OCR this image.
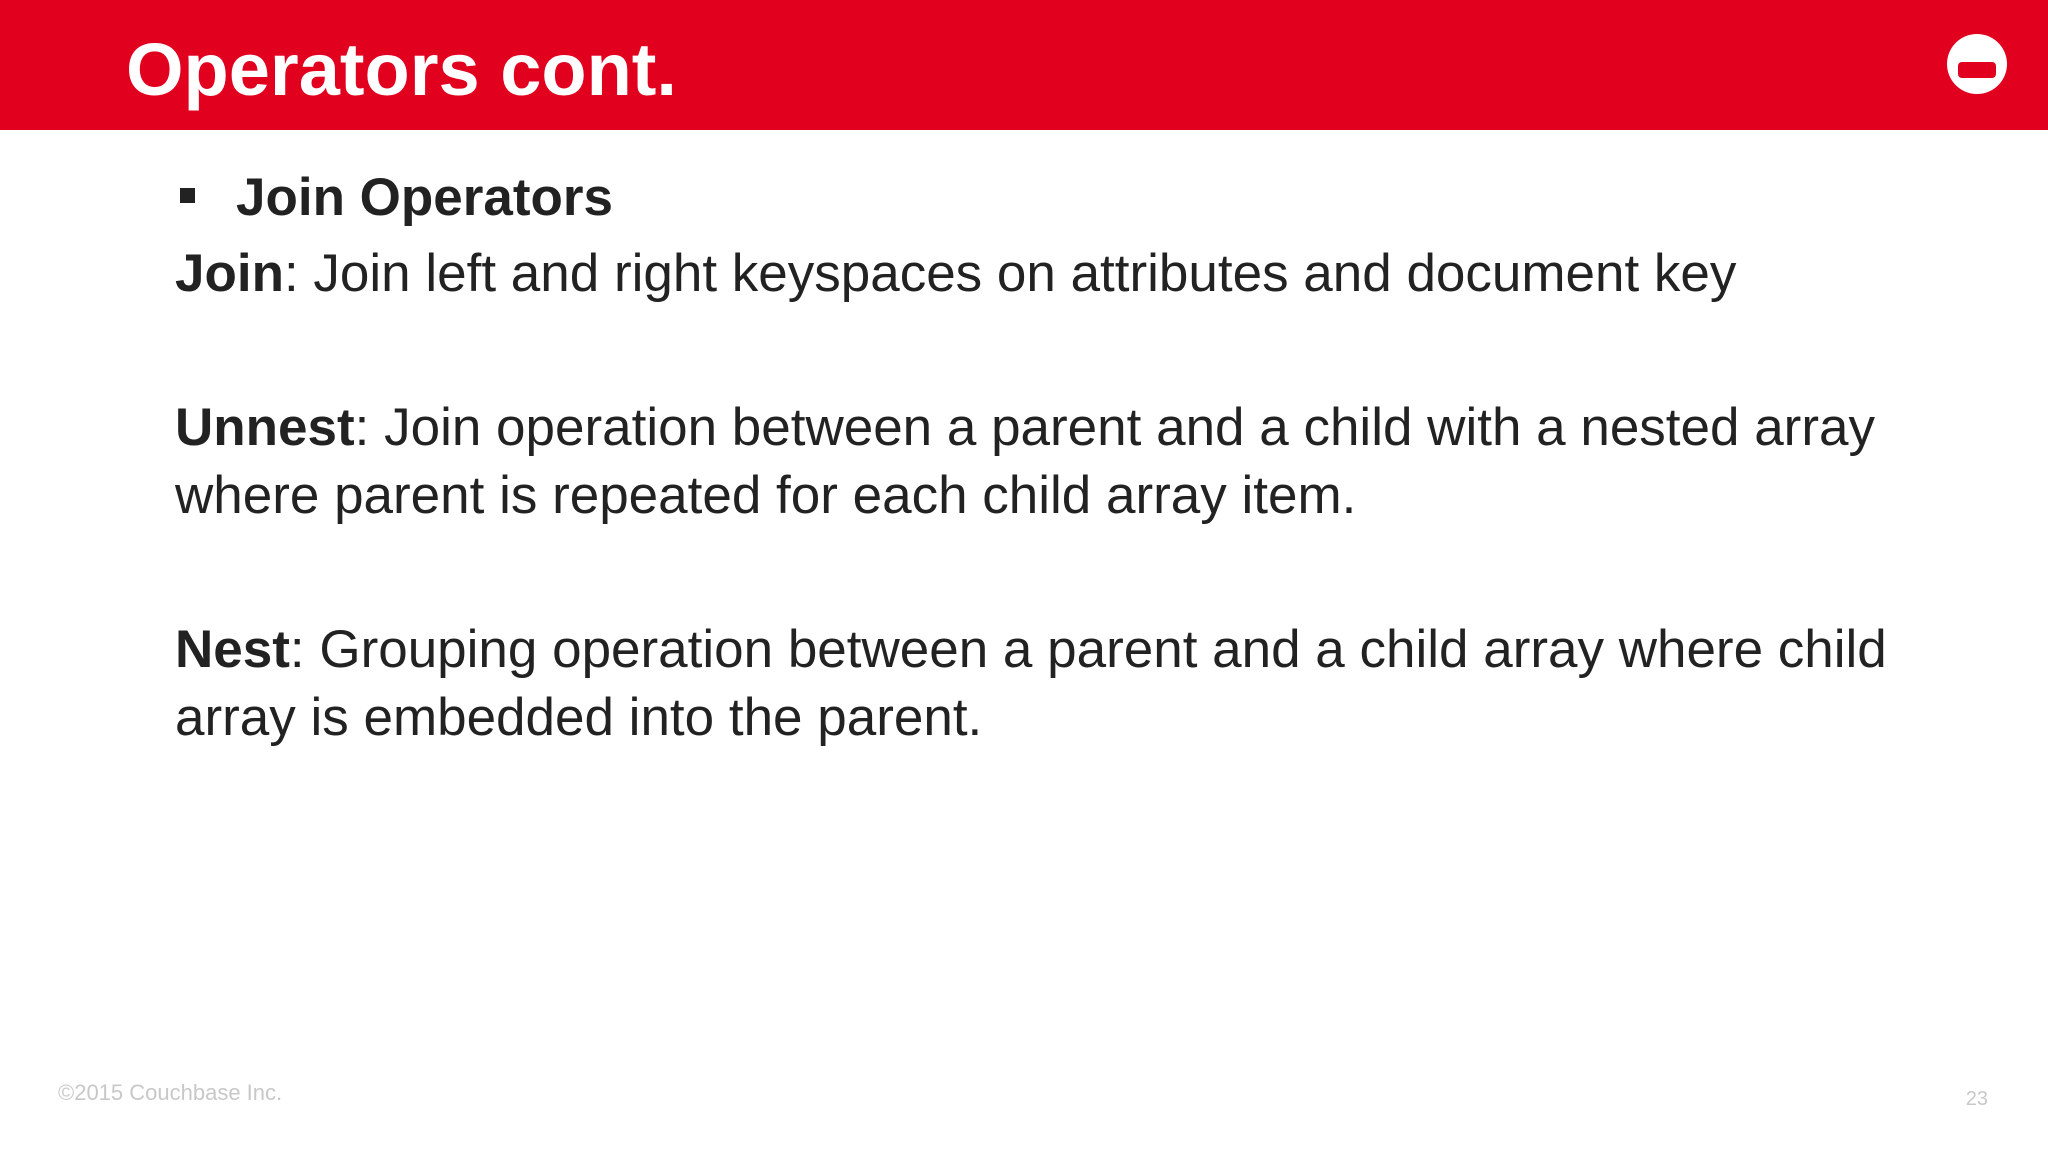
Operators cont.
Join Operators

Join: Join left and right keyspaces on attributes and document key

Unnest: Join operation between a parent and a child with a nested array where parent is repeated for each child array item.

Nest: Grouping operation between a parent and a child array where child array is embedded into the parent.

©2015 Couchbase Inc.	23
